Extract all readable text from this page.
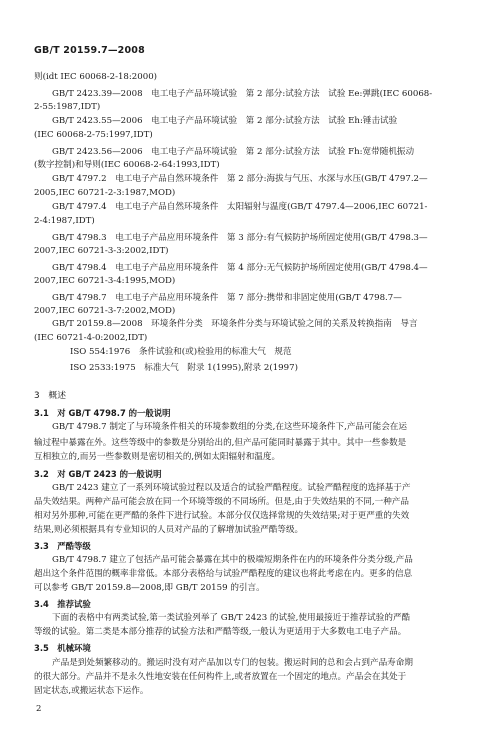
GB/T 20159.7—2008
则(idt IEC 60068-2-18:2000)
GB/T 2423.39—2008　电工电子产品环境试验　第 2 部分:试验方法　试验 Ee:弹跳(IEC 60068-
2-55:1987,IDT)
GB/T 2423.55—2006　电工电子产品环境试验　第 2 部分:试验方法　试验 Eh:锤击试验
(IEC 60068-2-75:1997,IDT)
GB/T 2423.56—2006　电工电子产品环境试验　第 2 部分:试验方法　试验 Fh:宽带随机振动
(数字控制)和导则(IEC 60068-2-64:1993,IDT)
GB/T 4797.2　电工电子产品自然环境条件　第 2 部分:海拔与气压、水深与水压(GB/T 4797.2—
2005,IEC 60721-2-3:1987,MOD)
GB/T 4797.4　电工电子产品自然环境条件　太阳辐射与温度(GB/T 4797.4—2006,IEC 60721-
2-4:1987,IDT)
GB/T 4798.3　电工电子产品应用环境条件　第 3 部分:有气候防护场所固定使用(GB/T 4798.3—
2007,IEC 60721-3-3:2002,IDT)
GB/T 4798.4　电工电子产品应用环境条件　第 4 部分:无气候防护场所固定使用(GB/T 4798.4—
2007,IEC 60721-3-4:1995,MOD)
GB/T 4798.7　电工电子产品应用环境条件　第 7 部分:携带和非固定使用(GB/T 4798.7—
2007,IEC 60721-3-7:2002,MOD)
GB/T 20159.8—2008　环境条件分类　环境条件分类与环境试验之间的关系及转换指南　导言
(IEC 60721-4-0:2002,IDT)
ISO 554:1976　条件试验和(或)检验用的标准大气　规范
ISO 2533:1975　标准大气　附录 1(1995),附录 2(1997)
3　概述
3.1　对 GB/T 4798.7 的一般说明
GB/T 4798.7 制定了与环境条件相关的环境参数组的分类,在这些环境条件下,产品可能会在运
输过程中暴露在外。这些等级中的参数是分别给出的,但产品可能同时暴露于其中。其中一些参数是
互相独立的,而另一些参数则是密切相关的,例如太阳辐射和温度。
3.2　对 GB/T 2423 的一般说明
GB/T 2423 建立了一系列环境试验过程以及适合的试验严酷程度。试验严酷程度的选择基于产
品失效结果。两种产品可能会放在同一个环境等级的不同场所。但是,由于失效结果的不同,一种产品
相对另外那种,可能在更严酷的条件下进行试验。本部分仅仅选择常规的失效结果;对于更严重的失效
结果,则必须根据具有专业知识的人员对产品的了解增加试验严酷等级。
3.3　严酷等级
GB/T 4798.7 建立了包括产品可能会暴露在其中的极端短期条件在内的环境条件分类分级,产品
超出这个条件范围的概率非常低。本部分表格给与试验严酷程度的建议也将此考虑在内。更多的信息
可以参考 GB/T 20159.8—2008,即 GB/T 20159 的引言。
3.4　推荐试验
下面的表格中有两类试验,第一类试验列举了 GB/T 2423 的试验,使用最接近于推荐试验的严酷
等级的试验。第二类是本部分推荐的试验方法和严酷等级,一般认为更适用于大多数电工电子产品。
3.5　机械环境
产品是到处频繁移动的。搬运时没有对产品加以专门的包装。搬运时间的总和会占到产品寿命期
的很大部分。产品并不是永久性地安装在任何构件上,或者放置在一个固定的地点。产品会在其处于
固定状态,或搬运状态下运作。
2
